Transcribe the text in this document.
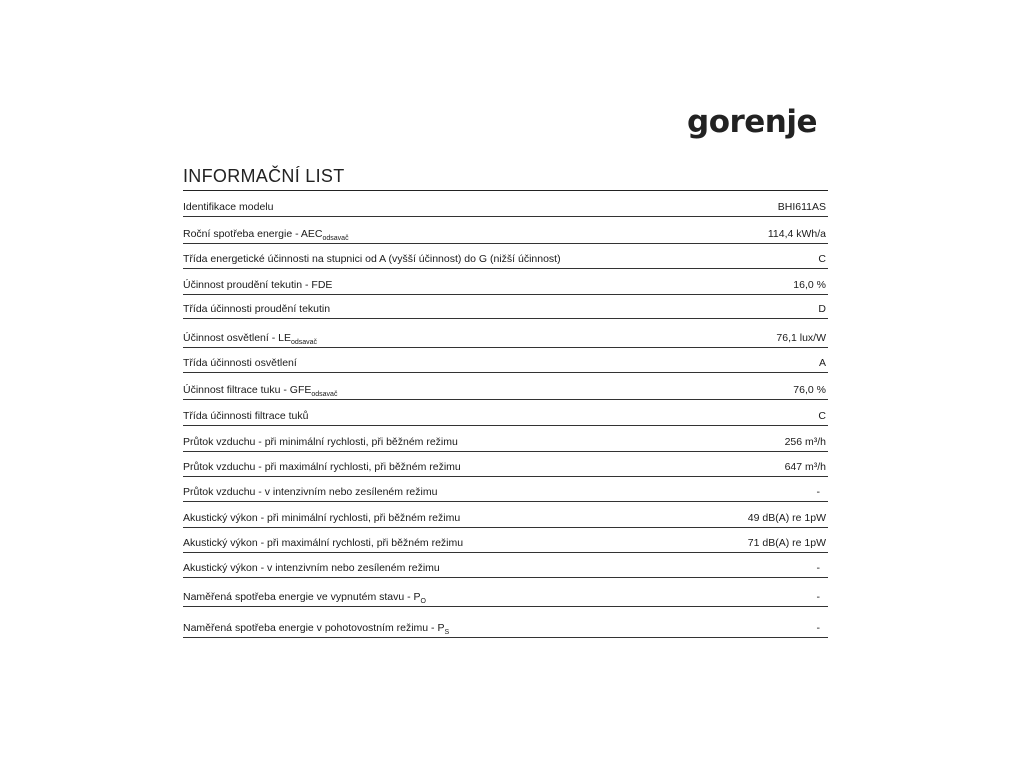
gorenje
INFORMAČNÍ LIST
Identifikace modelu	BHI611AS
Roční spotřeba energie - $AEC_{odsavač}$	114,4 kWh/a
Třída energetické účinnosti na stupnici od A (vyšší účinnost) do G (nižší účinnost)	C
Účinnost proudění tekutin - FDE	16,0 %
Třída účinnosti proudění tekutin	D
Účinnost osvětlení - $LE_{odsavač}$	76,1 lux/W
Třída účinnosti osvětlení	A
Účinnost filtrace tuku - $GFE_{odsavač}$	76,0 %
Třída účinnosti filtrace tuků	C
Průtok vzduchu - při minimální rychlosti, při běžném režimu	256 m³/h
Průtok vzduchu - při maximální rychlosti, při běžném režimu	647 m³/h
Průtok vzduchu - v intenzivním nebo zesíleném režimu	-
Akustický výkon - při minimální rychlosti, při běžném režimu	49 dB(A) re 1pW
Akustický výkon - při maximální rychlosti, při běžném režimu	71 dB(A) re 1pW
Akustický výkon - v intenzivním nebo zesíleném režimu	-
Naměřená spotřeba energie ve vypnutém stavu - $P_O$	-
Naměřená spotřeba energie v pohotovostním režimu - $P_S$	-
